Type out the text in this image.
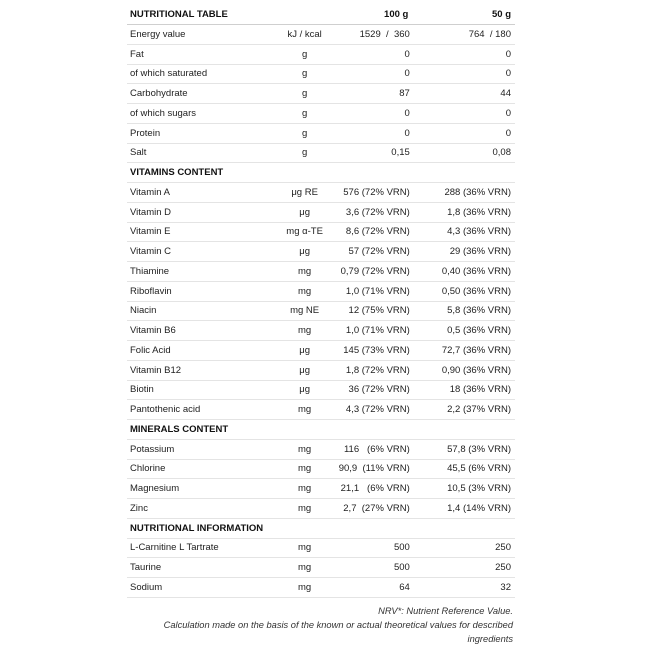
NUTRITIONAL TABLE	100 g	50 g
Energy value	kJ / kcal	1529  /  360	764  / 180
Fat	g	0	0
of which saturated	g	0	0
Carbohydrate	g	87	44
of which sugars	g	0	0
Protein	g	0	0
Salt	g	0,15	0,08
VITAMINS CONTENT
Vitamin A	μg RE	576 (72% VRN)	288 (36% VRN)
Vitamin D	μg	3,6 (72% VRN)	1,8 (36% VRN)
Vitamin E	mg α-TE	8,6 (72% VRN)	4,3 (36% VRN)
Vitamin C	μg	57 (72% VRN)	29 (36% VRN)
Thiamine	mg	0,79 (72% VRN)	0,40 (36% VRN)
Riboflavin	mg	1,0 (71% VRN)	0,50 (36% VRN)
Niacin	mg NE	12 (75% VRN)	5,8 (36% VRN)
Vitamin B6	mg	1,0 (71% VRN)	0,5 (36% VRN)
Folic Acid	μg	145 (73% VRN)	72,7 (36% VRN)
Vitamin B12	μg	1,8 (72% VRN)	0,90 (36% VRN)
Biotin	μg	36 (72% VRN)	18 (36% VRN)
Pantothenic acid	mg	4,3 (72% VRN)	2,2 (37% VRN)
MINERALS CONTENT
Potassium	mg	116   (6% VRN)	57,8 (3% VRN)
Chlorine	mg	90,9  (11% VRN)	45,5 (6% VRN)
Magnesium	mg	21,1   (6% VRN)	10,5 (3% VRN)
Zinc	mg	2,7  (27% VRN)	1,4 (14% VRN)
NUTRITIONAL INFORMATION
L-Carnitine L Tartrate	mg	500	250
Taurine	mg	500	250
Sodium	mg	64	32

NRV*: Nutrient Reference Value.

Calculation made on the basis of the known or actual theoretical values for described ingredients
